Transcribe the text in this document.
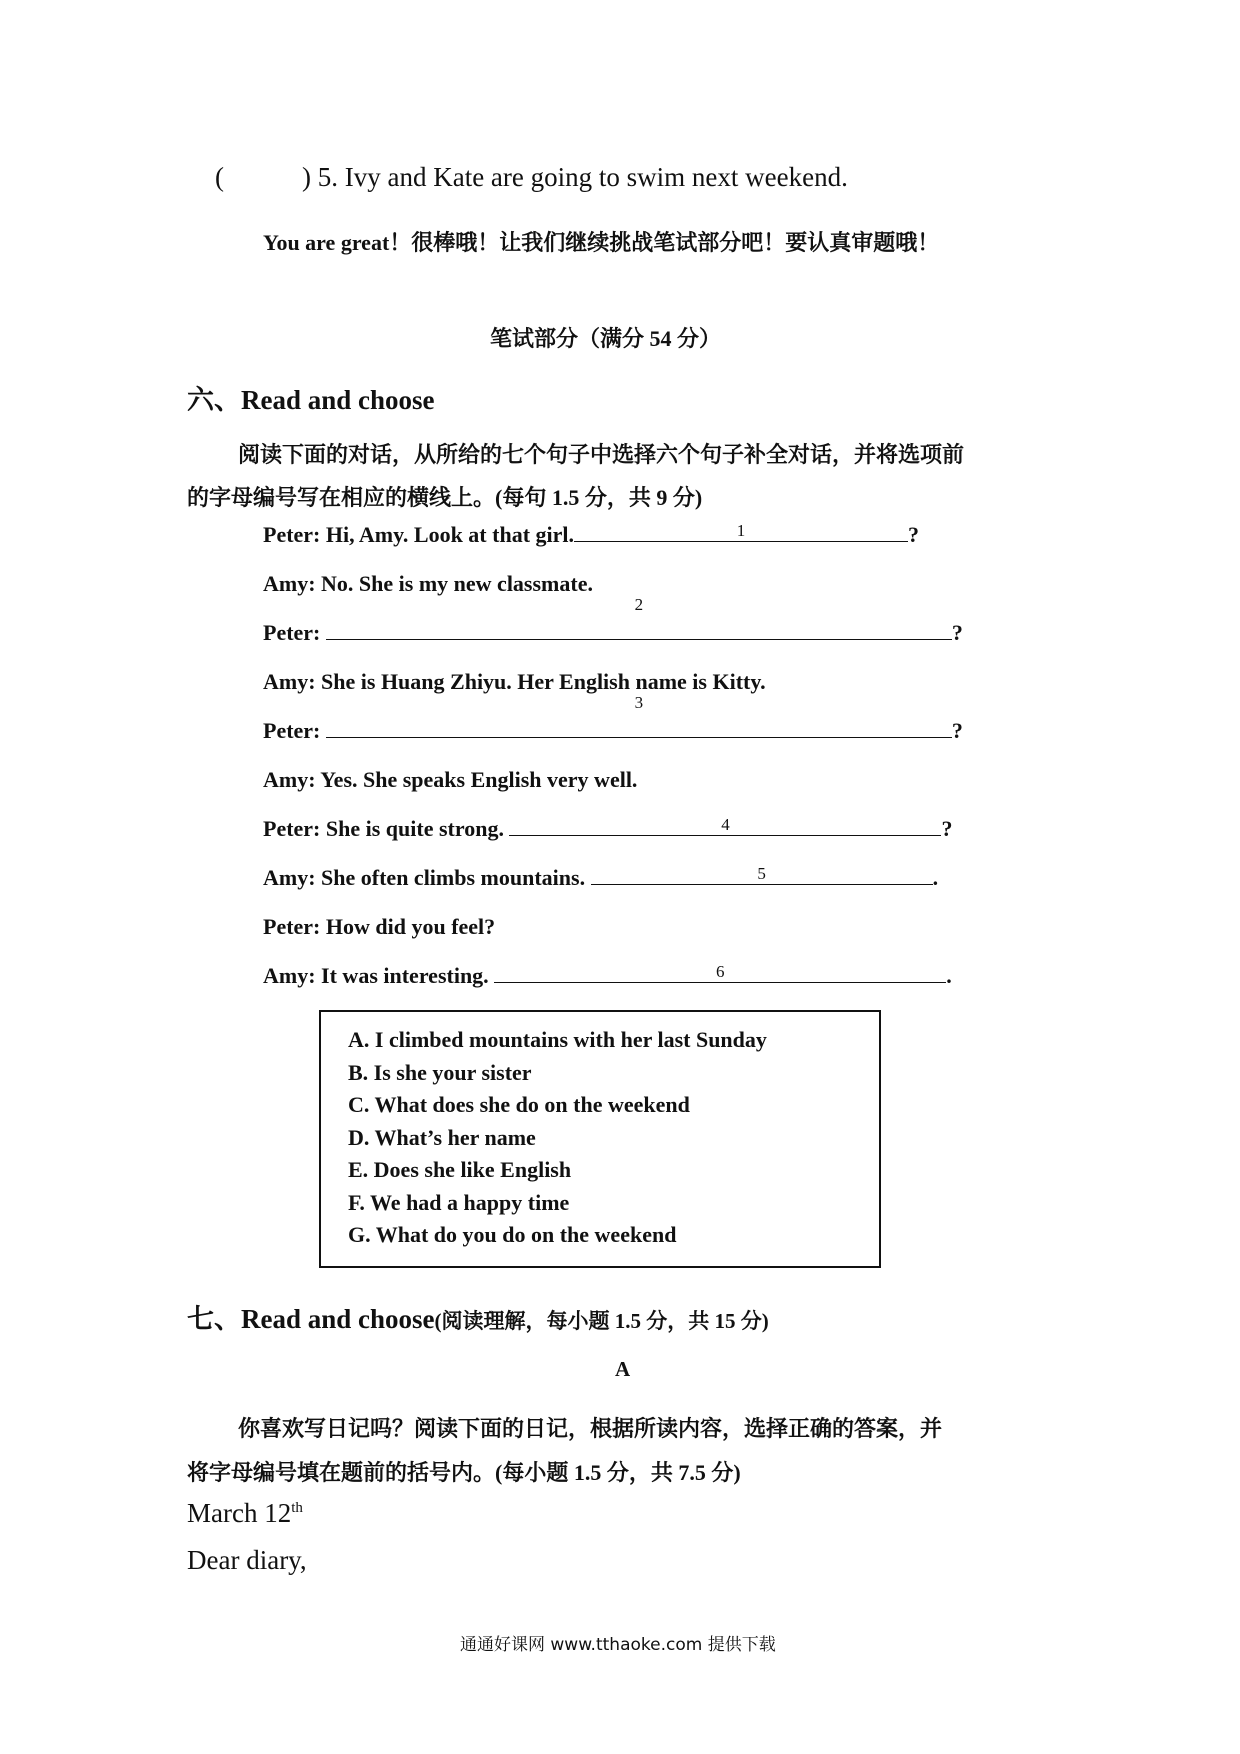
(	) 5. Ivy and Kate are going to swim next weekend.
You are great！很棒哦！让我们继续挑战笔试部分吧！要认真审题哦！
笔试部分（满分 54 分）
六、Read and choose
阅读下面的对话，从所给的七个句子中选择六个句子补全对话，并将选项前
的字母编号写在相应的横线上。(每句 1.5 分，共 9 分)
Peter: Hi, Amy. Look at that girl.	1	?
Amy: No. She is my new classmate.
Peter:
2
?
Amy: She is Huang Zhiyu. Her English name is Kitty.
Peter:
3
?
Amy: Yes. She speaks English very well.
Peter: She is quite strong.	4	?
Amy: She often climbs mountains.	5	.
Peter: How did you feel?
Amy: It was interesting.	6	.
A. I climbed mountains with her last Sunday
B. Is she your sister
C. What does she do on the weekend
D. What’s her name
E. Does she like English
F. We had a happy time
G. What do you do on the weekend
七、Read and choose(阅读理解，每小题 1.5 分，共 15 分)
A
你喜欢写日记吗？阅读下面的日记，根据所读内容，选择正确的答案，并
将字母编号填在题前的括号内。(每小题 1.5 分，共 7.5 分)
March 12th
Dear diary,
通通好课网 www.tthaoke.com 提供下载
